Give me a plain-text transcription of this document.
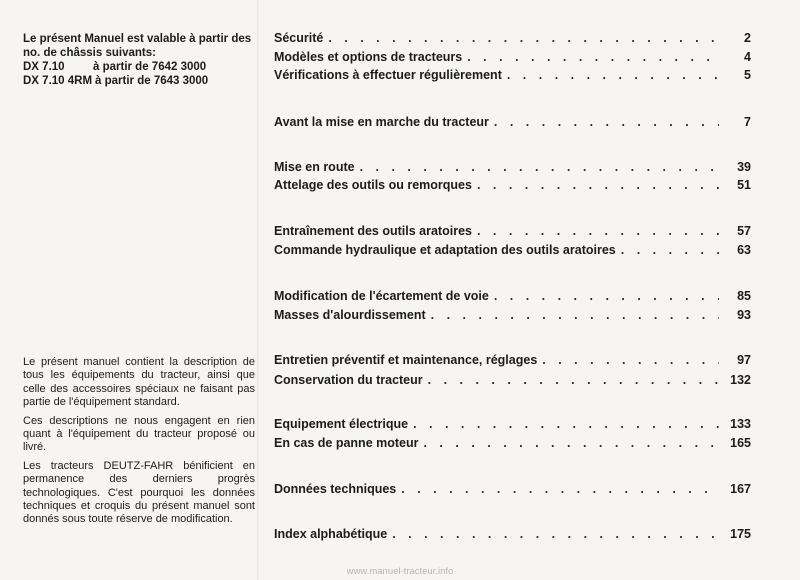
Le présent Manuel est valable à partir des no. de châssis suivants:

DX 7.10	à partir de 7642 3000
DX 7.10 4RM à partir de 7643 3000

Le présent manuel contient la description de tous les équipements du tracteur, ainsi que celle des accessoires spéciaux ne faisant pas partie de l'équipement standard.

Ces descriptions ne nous engagent en rien quant à l'équipement du tracteur proposé ou livré.

Les tracteurs DEUTZ-FAHR bénificient en permanence des derniers progrès technologiques. C'est pourquoi les données techniques et croquis du présent manuel sont donnés sous toute réserve de modification.

Sécurité . . .	2
Modèles et options de tracteurs . . .	4
Vérifications à effectuer régulièrement . . .	5
Avant la mise en marche du tracteur . . .	7
Mise en route . . .	39
Attelage des outils ou remorques . . .	51
Entraînement des outils aratoires . . .	57
Commande hydraulique et adaptation des outils aratoires . . .	63
Modification de l'écartement de voie . . .	85
Masses d'alourdissement . . .	93
Entretien préventif et maintenance, réglages . . .	97
Conservation du tracteur . . .	132
Equipement électrique . . .	133
En cas de panne moteur . . .	165
Données techniques . . .	167
Index alphabétique . . .	175
www.manuel-tracteur.info
